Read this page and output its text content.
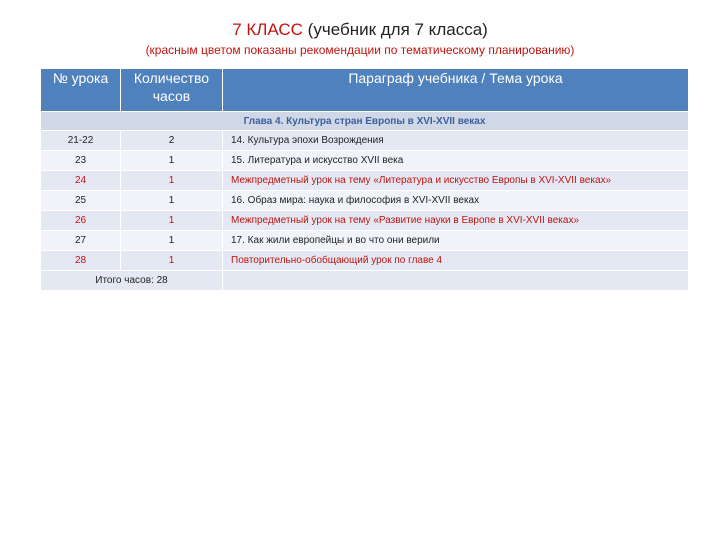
7 КЛАСС (учебник для 7 класса)
(красным цветом показаны рекомендации по тематическому планированию)
№ урока	Количество часов	Параграф учебника / Тема урока
Глава 4. Культура стран Европы в XVI-XVII веках		
21-22	2	14. Культура эпохи Возрождения
23	1	15. Литература и искусство XVII века
24	1	Межпредметный урок на тему «Литература и искусство Европы в XVI-XVII веках»
25	1	16. Образ мира: наука и философия в XVI-XVII веках
26	1	Межпредметный урок на тему «Развитие науки в Европе в XVI-XVII веках»
27	1	17. Как жили европейцы и во что они верили
28	1	Повторительно-обобщающий урок по главе 4
Итого часов: 28		
